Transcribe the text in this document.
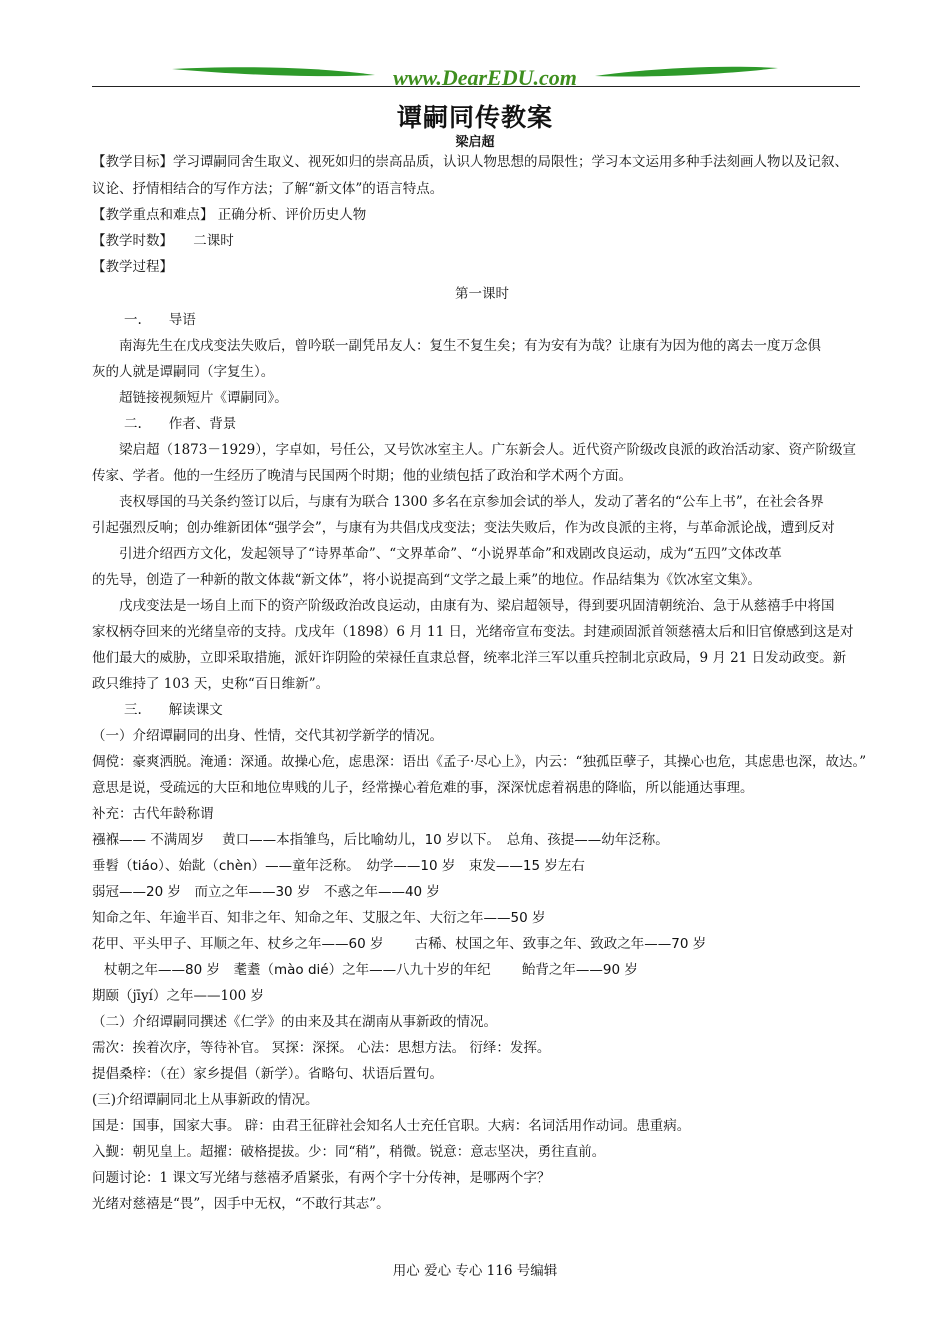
www.DearEDU.com
谭嗣同传教案
梁启超
【教学目标】学习谭嗣同舍生取义、视死如归的崇高品质，认识人物思想的局限性；学习本文运用多种手法刻画人物以及记叙、
议论、抒情相结合的写作方法；了解“新文体”的语言特点。
【教学重点和难点】 正确分析、评价历史人物
【教学时数】　　二课时
【教学过程】
第一课时
一.　　导语
南海先生在戊戌变法失败后，曾吟联一副凭吊友人：复生不复生矣；有为安有为哉？让康有为因为他的离去一度万念俱
灰的人就是谭嗣同（字复生）。
超链接视频短片《谭嗣同》。
二.　　作者、背景
梁启超（1873－1929），字卓如，号任公，又号饮冰室主人。广东新会人。近代资产阶级改良派的政治活动家、资产阶级宣
传家、学者。他的一生经历了晚清与民国两个时期；他的业绩包括了政治和学术两个方面。
丧权辱国的马关条约签订以后，与康有为联合 1300 多名在京参加会试的举人，发动了著名的“公车上书”，在社会各界
引起强烈反响；创办维新团体“强学会”，与康有为共倡戊戌变法；变法失败后，作为改良派的主将，与革命派论战，遭到反对
引进介绍西方文化，发起领导了“诗界革命”、“文界革命”、“小说界革命”和戏剧改良运动，成为“五四”文体改革
的先导，创造了一种新的散文体裁“新文体”，将小说提高到“文学之最上乘”的地位。作品结集为《饮冰室文集》。
戊戌变法是一场自上而下的资产阶级政治改良运动，由康有为、梁启超领导，得到要巩固清朝统治、急于从慈禧手中将国
家权柄夺回来的光绪皇帝的支持。戊戌年（1898）6 月 11 日，光绪帝宣布变法。封建顽固派首领慈禧太后和旧官僚感到这是对
他们最大的威胁，立即采取措施，派奸诈阴险的荣禄任直隶总督，统率北洋三军以重兵控制北京政局，9 月 21 日发动政变。新
政只维持了 103 天，史称“百日维新”。
三.　　解读课文
（一）介绍谭嗣同的出身、性情，交代其初学新学的情况。
倜傥：豪爽洒脱。淹通：深通。故操心危，虑患深：语出《孟子·尽心上》，内云：“独孤臣孽子，其操心也危，其虑患也深，故达。”
意思是说，受疏远的大臣和地位卑贱的儿子，经常操心着危难的事，深深忧虑着祸患的降临，所以能通达事理。
补充：古代年龄称谓
襁褓—— 不满周岁　 黄口——本指雏鸟，后比喻幼儿，10 岁以下。　总角、孩提——幼年泛称。
垂髫（tiáo）、始龀（chèn）——童年泛称。　幼学——10 岁　束发——15 岁左右
弱冠——20 岁　而立之年——30 岁　不惑之年——40 岁
知命之年、年逾半百、知非之年、知命之年、艾服之年、大衍之年——50 岁
花甲、平头甲子、耳顺之年、杖乡之年——60 岁　　 古稀、杖国之年、致事之年、致政之年——70 岁
杖朝之年——80 岁　耄耋（mào dié）之年——八九十岁的年纪　　 鲐背之年——90 岁
期颐（jīyí）之年——100 岁
（二）介绍谭嗣同撰述《仁学》的由来及其在湖南从事新政的情况。
需次：挨着次序，等待补官。 冥探：深探。 心法：思想方法。 衍绎：发挥。
提倡桑梓：（在）家乡提倡（新学）。省略句、状语后置句。
(三)介绍谭嗣同北上从事新政的情况。
国是：国事，国家大事。 辟：由君王征辟社会知名人士充任官职。大病：名词活用作动词。患重病。
入觐：朝见皇上。超擢：破格提拔。少：同“稍”，稍微。锐意：意志坚决，勇往直前。
问题讨论：1 课文写光绪与慈禧矛盾紧张，有两个字十分传神，是哪两个字？
光绪对慈禧是“畏”，因手中无权，“不敢行其志”。
用心 爱心 专心 116 号编辑
